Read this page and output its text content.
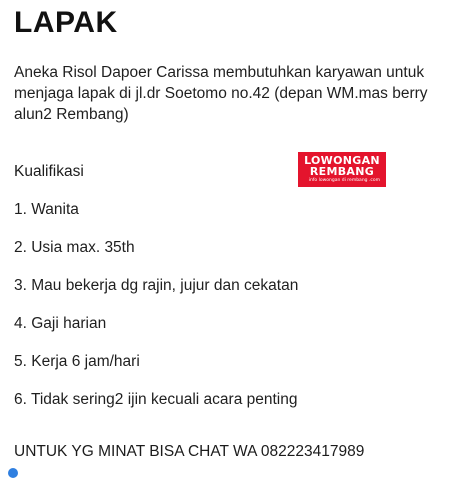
LAPAK

Aneka Risol Dapoer Carissa membutuhkan karyawan untuk menjaga lapak di jl.dr Soetomo no.42 (depan WM.mas berry alun2 Rembang)

Kualifikasi

LOWONGAN
REMBANG
info lowongan di rembang .com

1. Wanita

2. Usia max. 35th

3. Mau bekerja dg rajin, jujur dan cekatan

4. Gaji harian

5. Kerja 6 jam/hari

6. Tidak sering2 ijin kecuali acara penting

UNTUK YG MINAT BISA CHAT WA 082223417989
